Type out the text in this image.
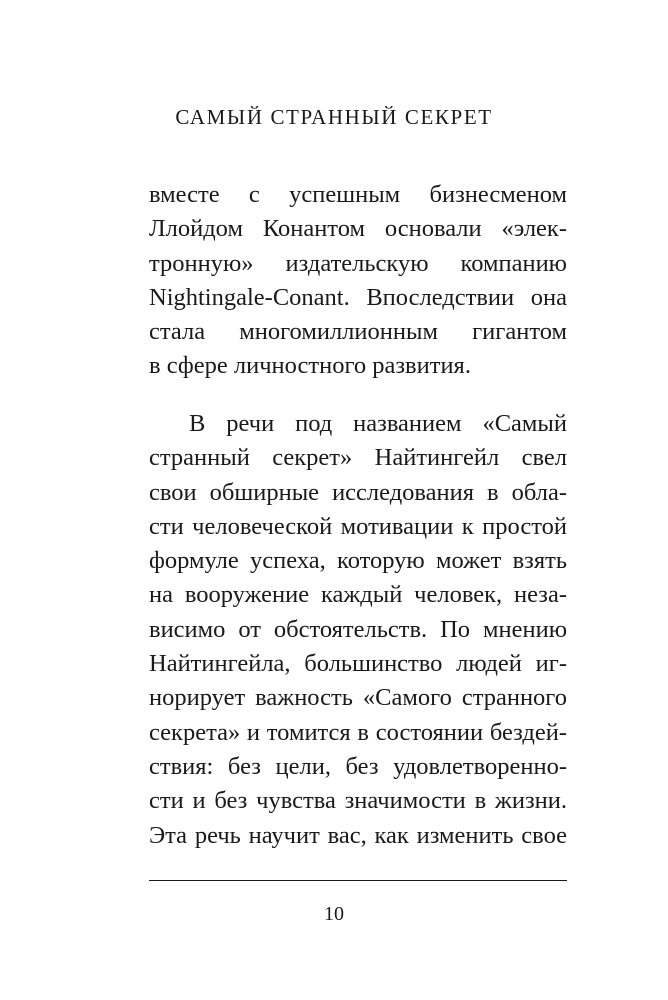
САМЫЙ СТРАННЫЙ СЕКРЕТ
вместе с успешным бизнесменом
Ллойдом Конантом основали «элек-
тронную» издательскую компанию
Nightingale-Conant. Впоследствии она
стала многомиллионным гигантом
в сфере личностного развития.
В речи под названием «Самый
странный секрет» Найтингейл свел
свои обширные исследования в обла-
сти человеческой мотивации к простой
формуле успеха, которую может взять
на вооружение каждый человек, неза-
висимо от обстоятельств. По мнению
Найтингейла, большинство людей иг-
норирует важность «Самого странного
секрета» и томится в состоянии бездей-
ствия: без цели, без удовлетворенно-
сти и без чувства значимости в жизни.
Эта речь научит вас, как изменить свое
10
